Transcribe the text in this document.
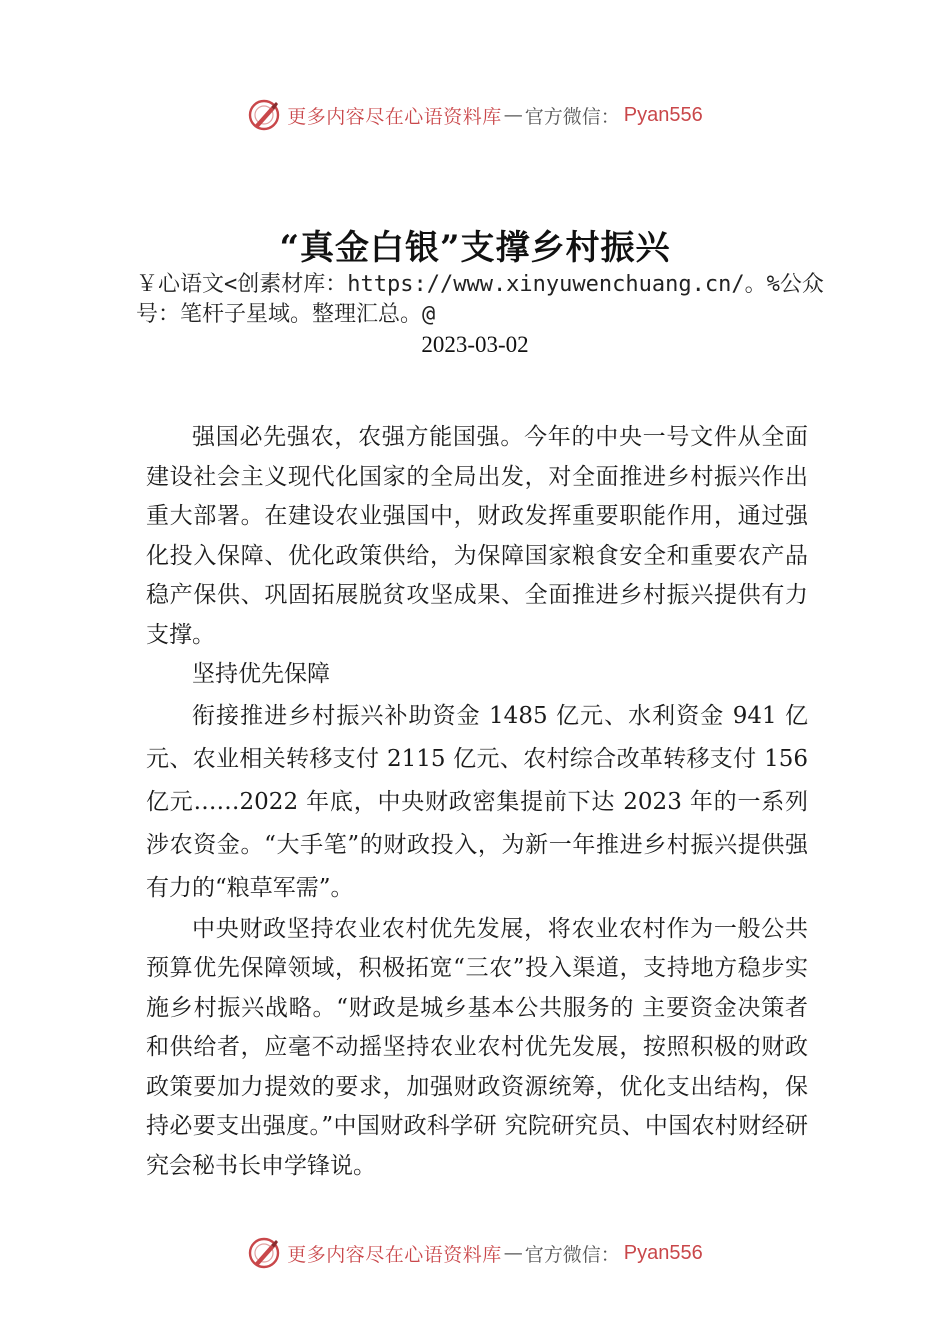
更多内容尽在心语资料库 — 官方微信： Pyan556
“真金白银”支撑乡村振兴
￥心语文<创素材库：https://www.xinyuwenchuang.cn/。%公众号：笔杆子星域。整理汇总。@
2023-03-02

强国必先强农，农强方能国强。今年的中央一号文件从全面建设社会主义现代化国家的全局出发，对全面推进乡村振兴作出重大部署。在建设农业强国中，财政发挥重要职能作用，通过强化投入保障、优化政策供给，为保障国家粮食安全和重要农产品稳产保供、巩固拓展脱贫攻坚成果、全面推进乡村振兴提供有力支撑。

坚持优先保障

衔接推进乡村振兴补助资金 1485 亿元、水利资金 941 亿元、农业相关转移支付 2115 亿元、农村综合改革转移支付 156 亿元……2022 年底，中央财政密集提前下达 2023 年的一系列涉农资金。“大手笔”的财政投入，为新一年推进乡村振兴提供强有力的“粮草军需”。

中央财政坚持农业农村优先发展，将农业农村作为一般公共预算优先保障领域，积极拓宽“三农”投入渠道，支持地方稳步实施乡村振兴战略。“财政是城乡基本公共服务的 主要资金决策者和供给者，应毫不动摇坚持农业农村优先发展，按照积极的财政政策要加力提效的要求，加强财政资源统筹，优化支出结构，保持必要支出强度。”中国财政科学研 究院研究员、中国农村财经研究会秘书长申学锋说。

更多内容尽在心语资料库 — 官方微信： Pyan556
